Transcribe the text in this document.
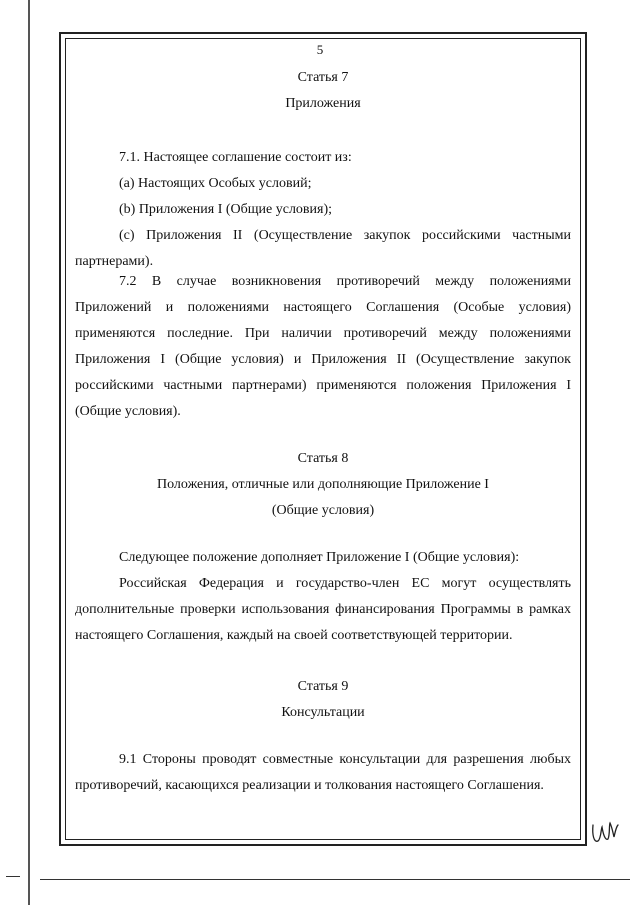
5
Статья 7
Приложения

7.1. Настоящее соглашение состоит из:

(а) Настоящих Особых условий;

(b) Приложения I (Общие условия);

(c) Приложения II (Осуществление закупок российскими частными партнерами).

7.2 В случае возникновения противоречий между положениями Приложений и положениями настоящего Соглашения (Особые условия) применяются последние. При наличии противоречий между положениями Приложения I (Общие условия) и Приложения II (Осуществление закупок российскими частными партнерами) применяются положения Приложения I (Общие условия).

Статья 8
Положения, отличные или дополняющие Приложение I
(Общие условия)

Следующее положение дополняет Приложение I (Общие условия):

Российская Федерация и государство-член ЕС могут осуществлять дополнительные проверки использования финансирования Программы в рамках настоящего Соглашения, каждый на своей соответствующей территории.

Статья 9
Консультации

9.1 Стороны проводят совместные консультации для разрешения любых противоречий, касающихся реализации и толкования настоящего Соглашения.
